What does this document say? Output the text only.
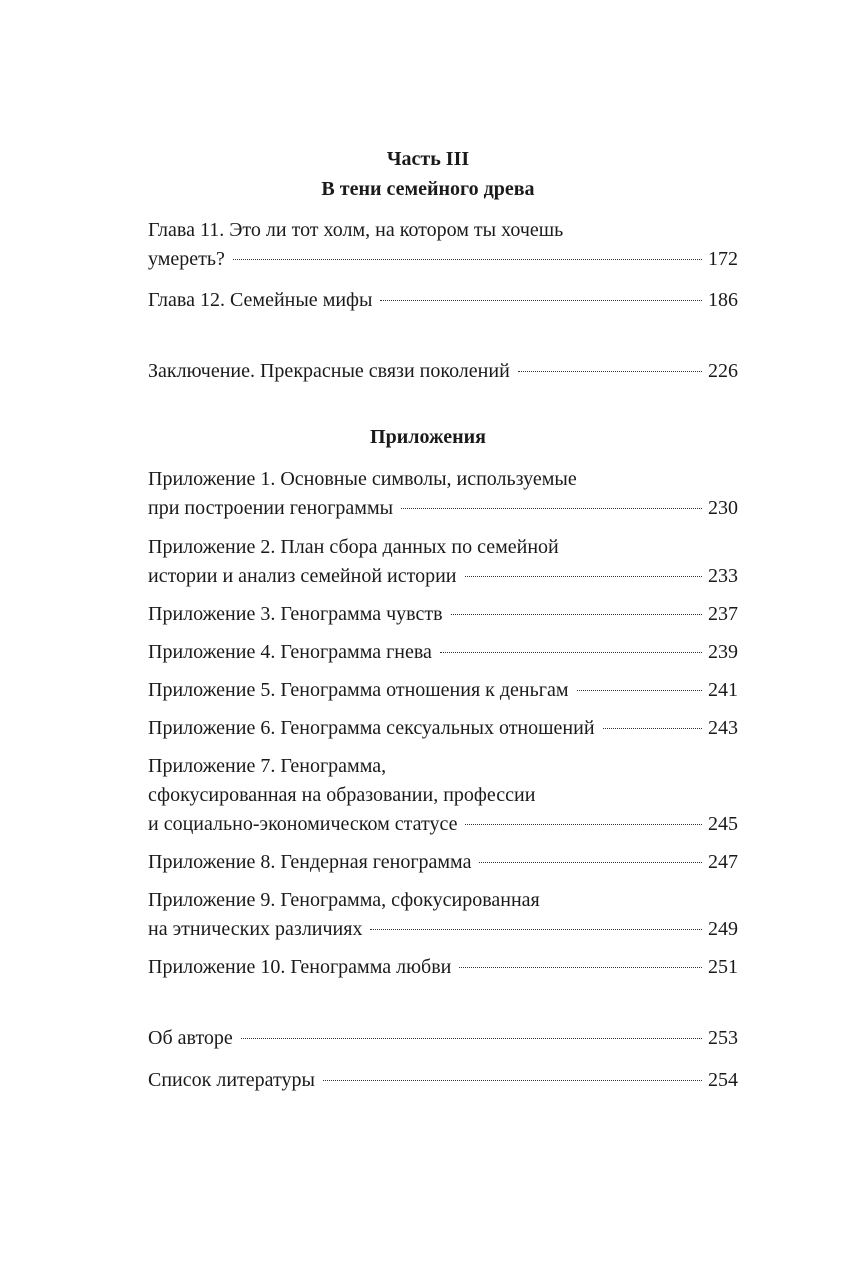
Часть III
В тени семейного древа
Глава 11. Это ли тот холм, на котором ты хочешь
умереть?	172
Глава 12. Семейные мифы	186
Заключение. Прекрасные связи поколений	226
Приложения
Приложение 1. Основные символы, используемые
при построении генограммы	230
Приложение 2. План сбора данных по семейной
истории и анализ семейной истории	233
Приложение 3. Генограмма чувств	237
Приложение 4. Генограмма гнева	239
Приложение 5. Генограмма отношения к деньгам	241
Приложение 6. Генограмма сексуальных отношений	243
Приложение 7. Генограмма,
сфокусированная на образовании, профессии
и социально-экономическом статусе	245
Приложение 8. Гендерная генограмма	247
Приложение 9. Генограмма, сфокусированная
на этнических различиях	249
Приложение 10. Генограмма любви	251
Об авторе	253
Список литературы	254
